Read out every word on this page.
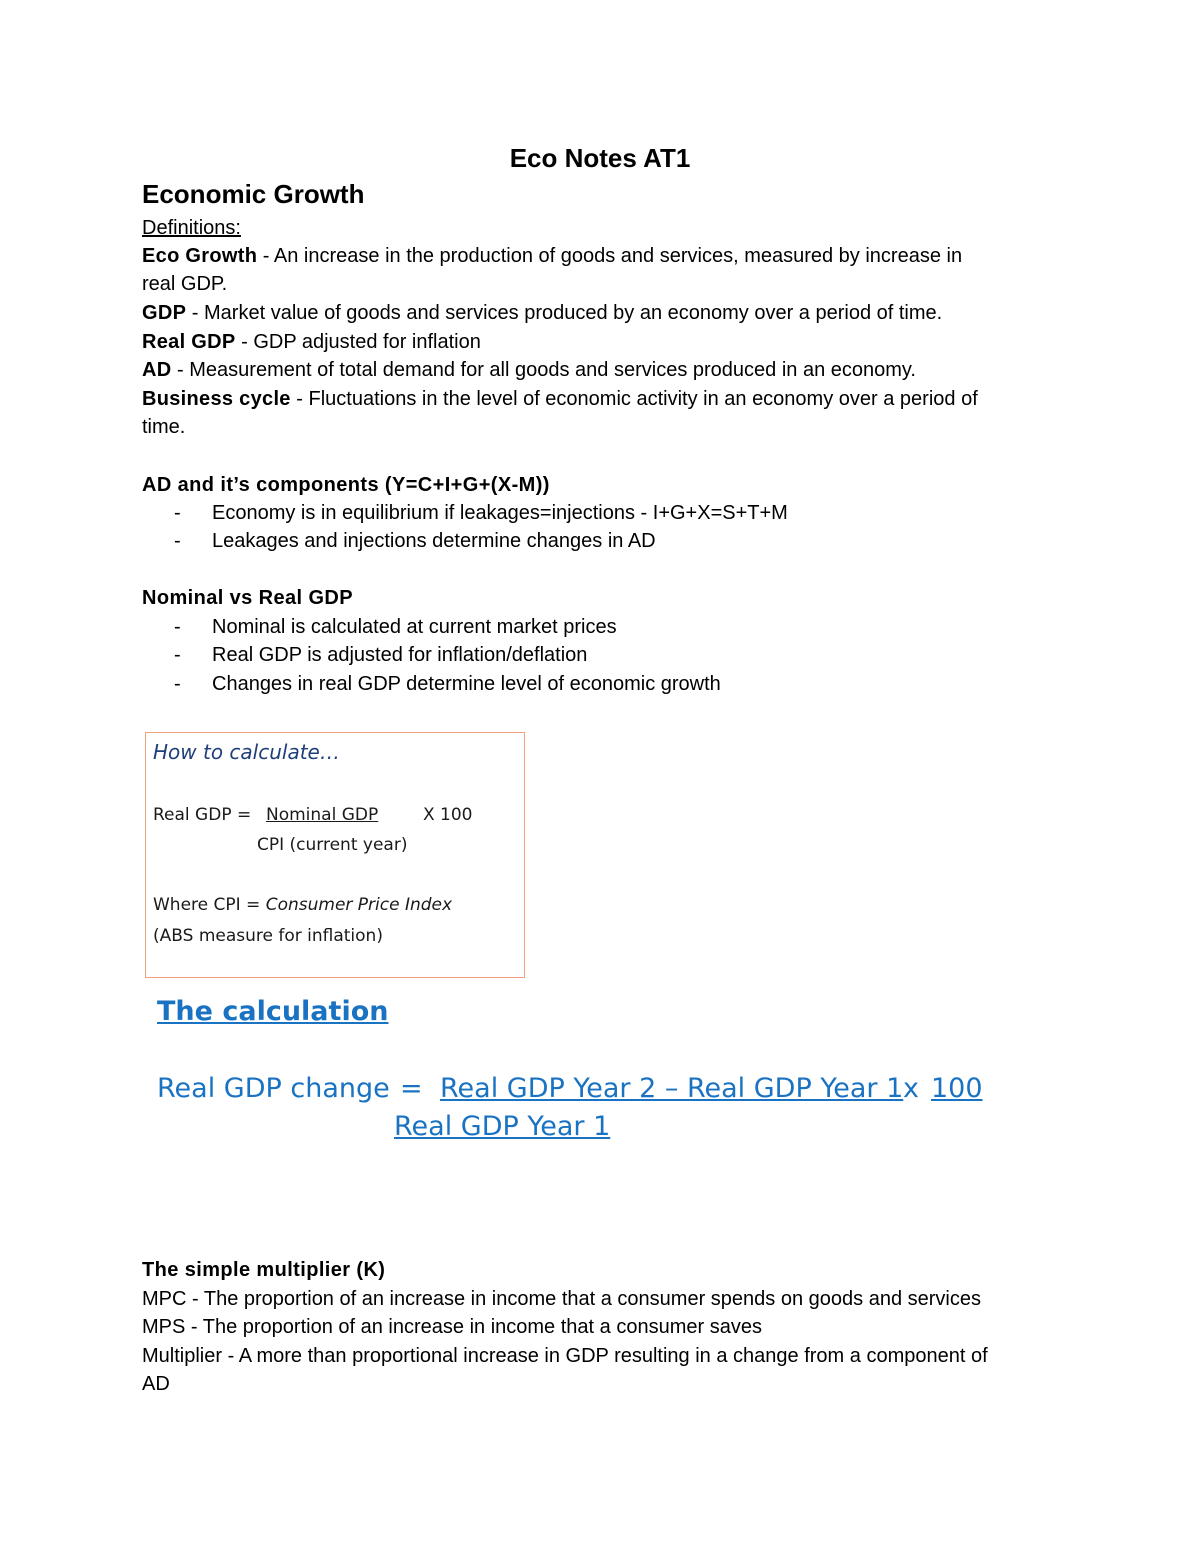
Eco Notes AT1
Economic Growth
Definitions:
Eco Growth - An increase in the production of goods and services, measured by increase in
real GDP.
GDP - Market value of goods and services produced by an economy over a period of time.
Real GDP - GDP adjusted for inflation
AD - Measurement of total demand for all goods and services produced in an economy.
Business cycle - Fluctuations in the level of economic activity in an economy over a period of
time.
AD and it’s components (Y=C+I+G+(X-M))
- Economy is in equilibrium if leakages=injections - I+G+X=S+T+M
- Leakages and injections determine changes in AD
Nominal vs Real GDP
- Nominal is calculated at current market prices
- Real GDP is adjusted for inflation/deflation
- Changes in real GDP determine level of economic growth
How to calculate…
Real GDP = Nominal GDP	X 100
CPI (current year)
Where CPI = Consumer Price Index
(ABS measure for inflation)
The calculation
Real GDP change = Real GDP Year 2 – Real GDP Year 1 x 100
Real GDP Year 1
The simple multiplier (K)
MPC - The proportion of an increase in income that a consumer spends on goods and services
MPS - The proportion of an increase in income that a consumer saves
Multiplier - A more than proportional increase in GDP resulting in a change from a component of
AD
